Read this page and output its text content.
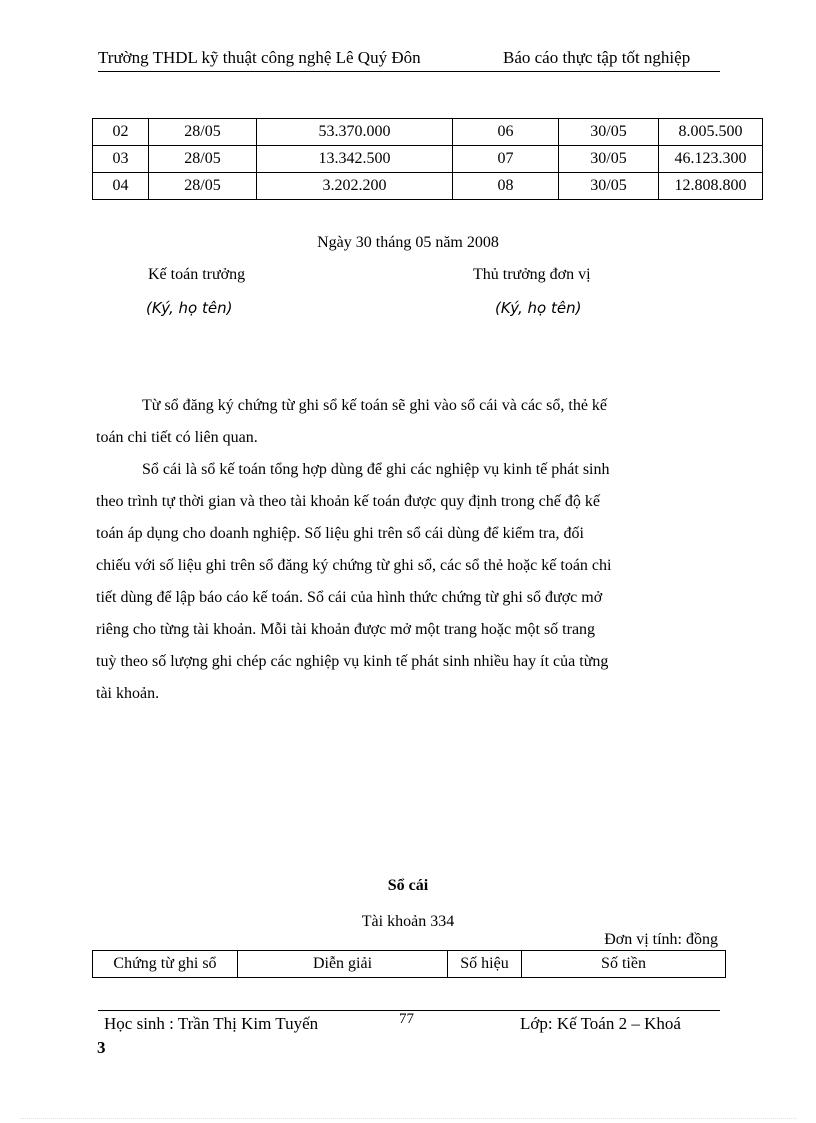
Trường THDL kỹ thuật công nghệ Lê Quý Đôn	Báo cáo thực tập tốt nghiệp
02	28/05	53.370.000	06	30/05	8.005.500
03	28/05	13.342.500	07	30/05	46.123.300
04	28/05	3.202.200	08	30/05	12.808.800
Ngày 30 tháng 05 năm 2008
Kế toán trưởng
(Ký, họ tên)
Thủ trưởng đơn vị
(Ký, họ tên)
Từ sổ đăng ký chứng từ ghi sổ kế toán sẽ ghi vào sổ cái và các sổ, thẻ kế
toán chi tiết có liên quan.
Sổ cái là sổ kế toán tổng hợp dùng để ghi các nghiệp vụ kinh tế phát sinh
theo trình tự thời gian và theo tài khoản kế toán được quy định trong chế độ kế
toán áp dụng cho doanh nghiệp. Số liệu ghi trên sổ cái dùng để kiểm tra, đối
chiếu với số liệu ghi trên sổ đăng ký chứng từ ghi sổ, các sổ thẻ hoặc kế toán chi
tiết dùng để lập báo cáo kế toán. Sổ cái của hình thức chứng từ ghi sổ được mở
riêng cho từng tài khoản. Mỗi tài khoản được mở một trang hoặc một số trang
tuỳ theo số lượng ghi chép các nghiệp vụ kinh tế phát sinh nhiều hay ít của từng
tài khoản.
Sổ cái
Tài khoản 334
Đơn vị tính: đồng
Chứng từ ghi sổ	Diễn giải	Số hiệu	Số tiền
Học sinh : Trần Thị Kim Tuyến	77	Lớp: Kế Toán 2 – Khoá
3
